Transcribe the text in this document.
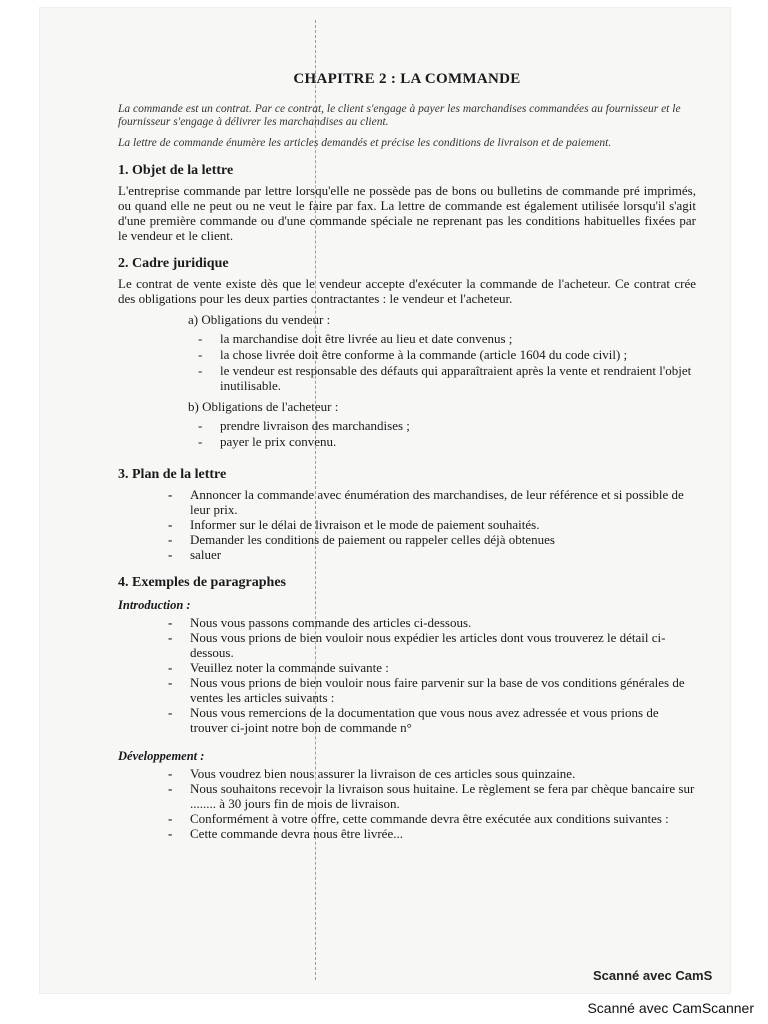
CHAPITRE 2 : LA COMMANDE

La commande est un contrat. Par ce contrat, le client s'engage à payer les marchandises commandées au fournisseur et le fournisseur s'engage à délivrer les marchandises au client.

La lettre de commande énumère les articles demandés et précise les conditions de livraison et de paiement.

1. Objet de la lettre

L'entreprise commande par lettre lorsqu'elle ne possède pas de bons ou bulletins de commande pré imprimés, ou quand elle ne peut ou ne veut le faire par fax. La lettre de commande est également utilisée lorsqu'il s'agit d'une première commande ou d'une commande spéciale ne reprenant pas les conditions habituelles fixées par le vendeur et le client.

2. Cadre juridique

Le contrat de vente existe dès que le vendeur accepte d'exécuter la commande de l'acheteur. Ce contrat crée des obligations pour les deux parties contractantes : le vendeur et l'acheteur.

a) Obligations du vendeur :
- la marchandise doit être livrée au lieu et date convenus ;
- la chose livrée doit être conforme à la commande (article 1604 du code civil) ;
- le vendeur est responsable des défauts qui apparaîtraient après la vente et rendraient l'objet inutilisable.
b) Obligations de l'acheteur :
- prendre livraison des marchandises ;
- payer le prix convenu.
3. Plan de la lettre
- Annoncer la commande avec énumération des marchandises, de leur référence et si possible de leur prix.
- Informer sur le délai de livraison et le mode de paiement souhaités.
- Demander les conditions de paiement ou rappeler celles déjà obtenues
- saluer
4. Exemples de paragraphes
Introduction :
- Nous vous passons commande des articles ci-dessous.
- Nous vous prions de bien vouloir nous expédier les articles dont vous trouverez le détail ci-dessous.
- Veuillez noter la commande suivante :
- Nous vous prions de bien vouloir nous faire parvenir sur la base de vos conditions générales de ventes les articles suivants :
- Nous vous remercions de la documentation que vous nous avez adressée et vous prions de trouver ci-joint notre bon de commande n°
Développement :
- Vous voudrez bien nous assurer la livraison de ces articles sous quinzaine.
- Nous souhaitons recevoir la livraison sous huitaine. Le règlement se fera par chèque bancaire sur ........ à 30 jours fin de mois de livraison.
- Conformément à votre offre, cette commande devra être exécutée aux conditions suivantes :
- Cette commande devra nous être livrée...
Scanné avec CamS
Scanné avec CamScanner
